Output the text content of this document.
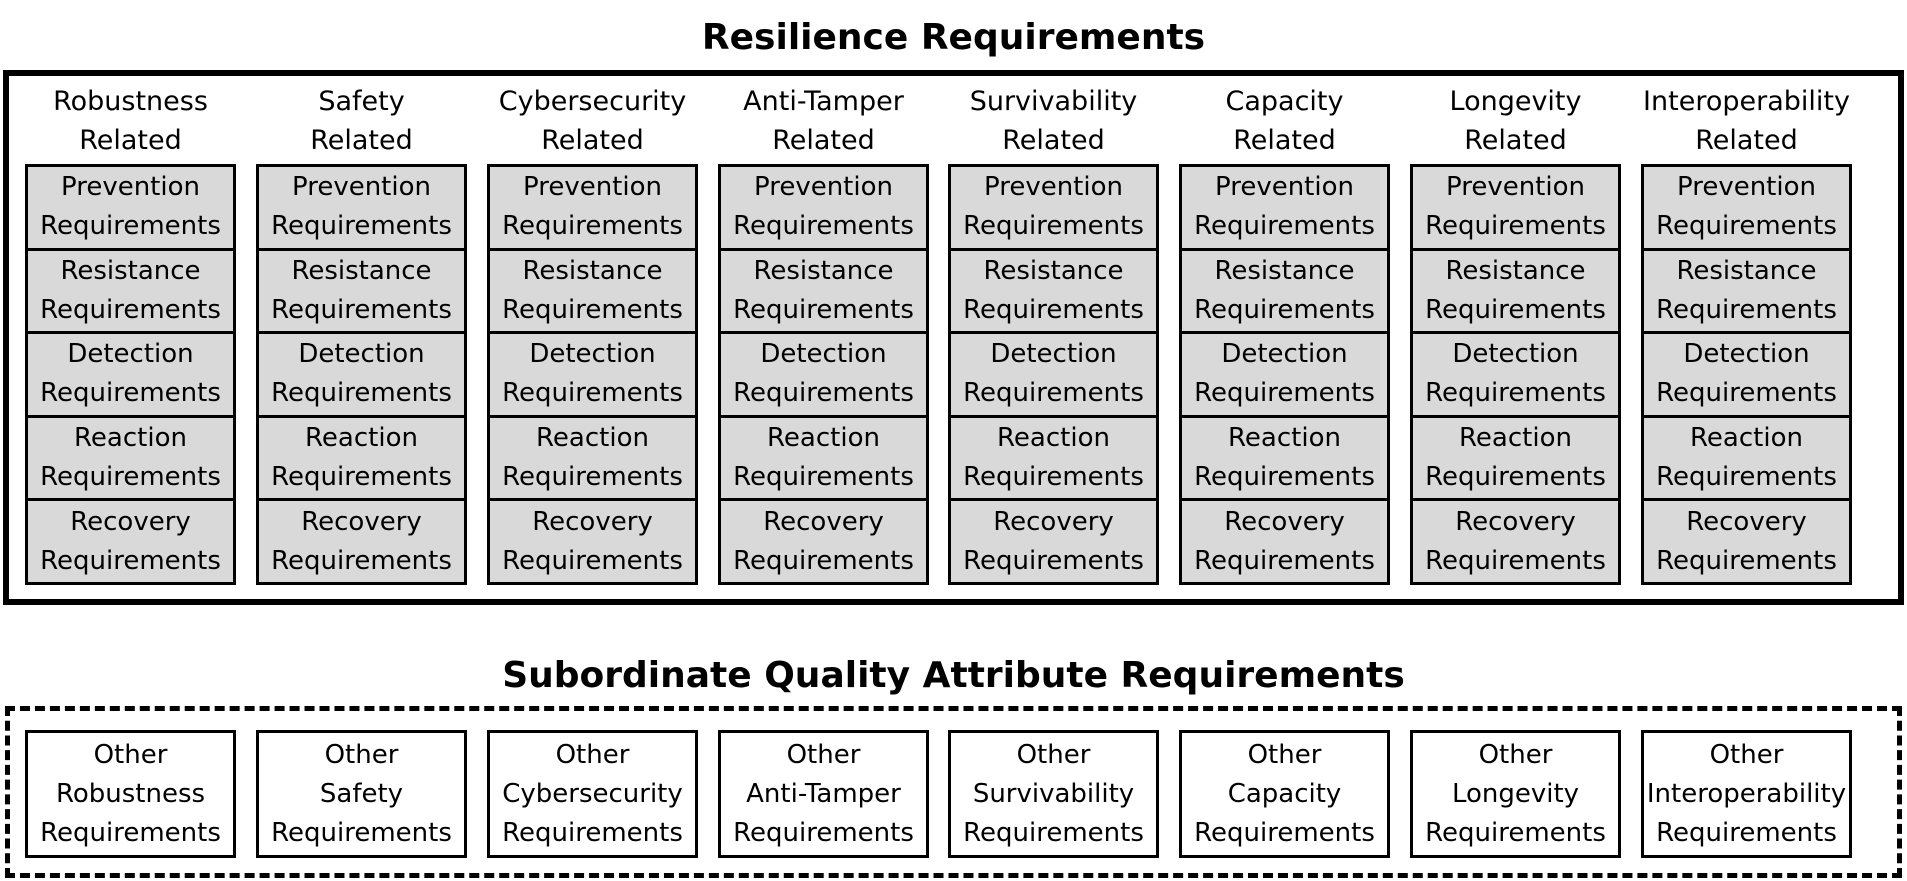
Resilience Requirements
Subordinate Quality Attribute Requirements
Robustness
Related
Prevention
Requirements
Resistance
Requirements
Detection
Requirements
Reaction
Requirements
Recovery
Requirements
Safety
Related
Prevention
Requirements
Resistance
Requirements
Detection
Requirements
Reaction
Requirements
Recovery
Requirements
Cybersecurity
Related
Prevention
Requirements
Resistance
Requirements
Detection
Requirements
Reaction
Requirements
Recovery
Requirements
Anti-Tamper
Related
Prevention
Requirements
Resistance
Requirements
Detection
Requirements
Reaction
Requirements
Recovery
Requirements
Survivability
Related
Prevention
Requirements
Resistance
Requirements
Detection
Requirements
Reaction
Requirements
Recovery
Requirements
Capacity
Related
Prevention
Requirements
Resistance
Requirements
Detection
Requirements
Reaction
Requirements
Recovery
Requirements
Longevity
Related
Prevention
Requirements
Resistance
Requirements
Detection
Requirements
Reaction
Requirements
Recovery
Requirements
Interoperability
Related
Prevention
Requirements
Resistance
Requirements
Detection
Requirements
Reaction
Requirements
Recovery
Requirements
Other
Robustness
Requirements
Other
Safety
Requirements
Other
Cybersecurity
Requirements
Other
Anti-Tamper
Requirements
Other
Survivability
Requirements
Other
Capacity
Requirements
Other
Longevity
Requirements
Other
Interoperability
Requirements
